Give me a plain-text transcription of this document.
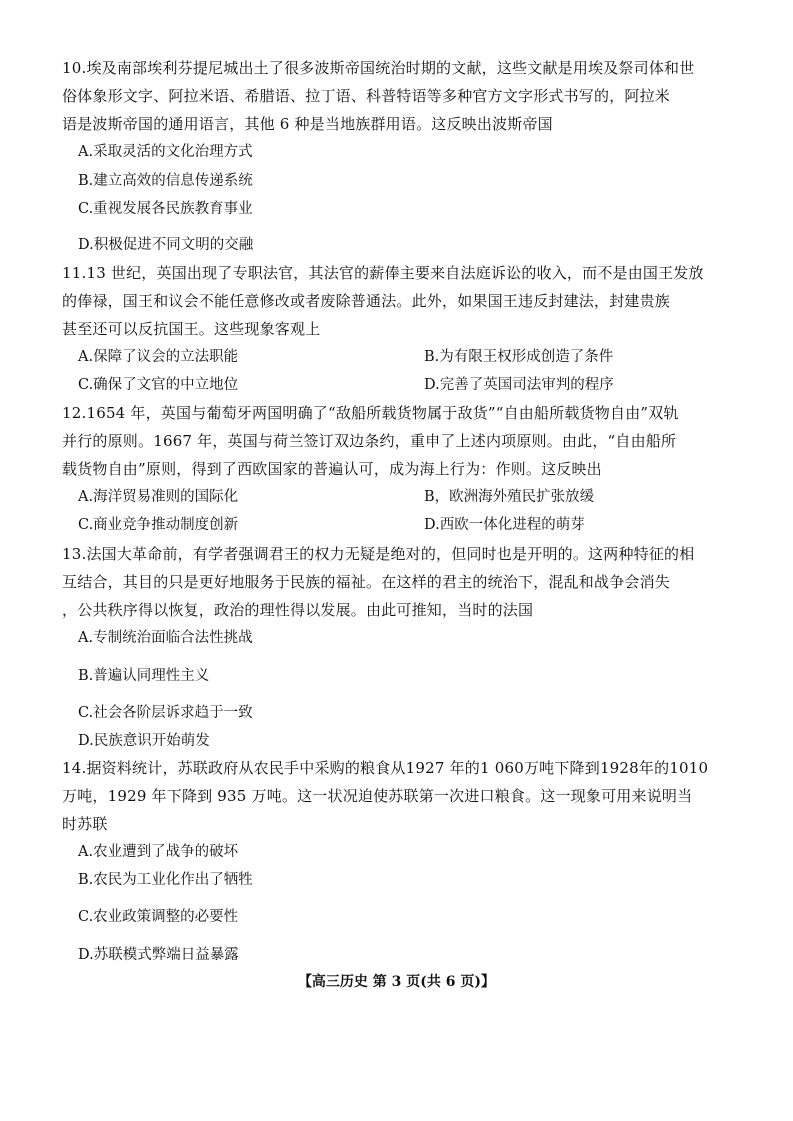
10.埃及南部埃利芬提尼城出土了很多波斯帝国统治时期的文献，这些文献是用埃及祭司体和世
俗体象形文字、阿拉米语、希腊语、拉丁语、科普特语等多种官方文字形式书写的，阿拉米
语是波斯帝国的通用语言，其他 6 种是当地族群用语。这反映出波斯帝国
A.采取灵活的文化治理方式
B.建立高效的信息传递系统
C.重视发展各民族教育事业
D.积极促进不同文明的交融
11.13 世纪，英国出现了专职法官，其法官的薪俸主要来自法庭诉讼的收入，而不是由国王发放
的俸禄，国王和议会不能任意修改或者废除普通法。此外，如果国王违反封建法，封建贵族
甚至还可以反抗国王。这些现象客观上
A.保障了议会的立法职能	B.为有限王权形成创造了条件
C.确保了文官的中立地位	D.完善了英国司法审判的程序
12.1654 年，英国与葡萄牙两国明确了“敌船所载货物属于敌货”“自由船所载货物自由”双轨
并行的原则。1667 年，英国与荷兰签订双边条约，重申了上述内项原则。由此，“自由船所
载货物自由”原则，得到了西欧国家的普遍认可，成为海上行为：作则。这反映出
A.海洋贸易准则的国际化	B，欧洲海外殖民扩张放缓
C.商业竞争推动制度创新	D.西欧一体化进程的萌芽
13.法国大革命前，有学者强调君王的权力无疑是绝对的，但同时也是开明的。这两种特征的相
互结合，其目的只是更好地服务于民族的福祉。在这样的君主的统治下，混乱和战争会消失
，公共秩序得以恢复，政治的理性得以发展。由此可推知，当时的法国
A.专制统治面临合法性挑战
B.普遍认同理性主义
C.社会各阶层诉求趋于一致
D.民族意识开始萌发
14.据资料统计，苏联政府从农民手中采购的粮食从1927 年的1 060万吨下降到1928年的1010
万吨，1929 年下降到 935 万吨。这一状况迫使苏联第一次进口粮食。这一现象可用来说明当
时苏联
A.农业遭到了战争的破坏
B.农民为工业化作出了牺牲
C.农业政策调整的必要性
D.苏联模式弊端日益暴露
【高三历史 第 3 页(共 6 页)】
